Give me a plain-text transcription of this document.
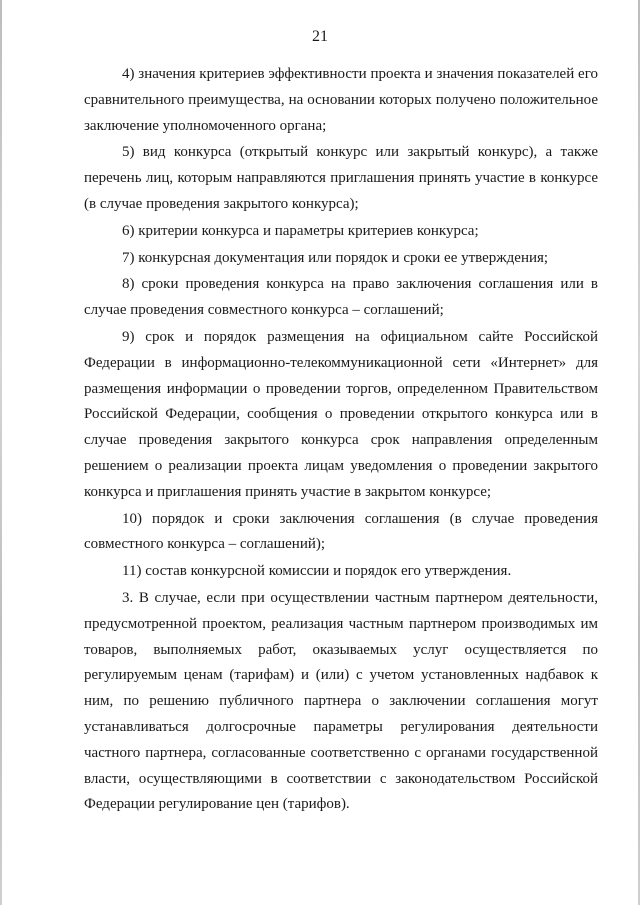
21

4) значения критериев эффективности проекта и значения показателей его сравнительного преимущества, на основании которых получено положительное заключение уполномоченного органа;

5) вид конкурса (открытый конкурс или закрытый конкурс), а также перечень лиц, которым направляются приглашения принять участие в конкурсе (в случае проведения закрытого конкурса);

6) критерии конкурса и параметры критериев конкурса;

7) конкурсная документация или порядок и сроки ее утверждения;

8) сроки проведения конкурса на право заключения соглашения или в случае проведения совместного конкурса – соглашений;

9) срок и порядок размещения на официальном сайте Российской Федерации в информационно-телекоммуникационной сети «Интернет» для размещения информации о проведении торгов, определенном Правительством Российской Федерации, сообщения о проведении открытого конкурса или в случае проведения закрытого конкурса срок направления определенным решением о реализации проекта лицам уведомления о проведении закрытого конкурса и приглашения принять участие в закрытом конкурсе;

10) порядок и сроки заключения соглашения (в случае проведения совместного конкурса – соглашений);

11) состав конкурсной комиссии и порядок его утверждения.

3. В случае, если при осуществлении частным партнером деятельности, предусмотренной проектом, реализация частным партнером производимых им товаров, выполняемых работ, оказываемых услуг осуществляется по регулируемым ценам (тарифам) и (или) с учетом установленных надбавок к ним, по решению публичного партнера о заключении соглашения могут устанавливаться долгосрочные параметры регулирования деятельности частного партнера, согласованные соответственно с органами государственной власти, осуществляющими в соответствии с законодательством Российской Федерации регулирование цен (тарифов).
